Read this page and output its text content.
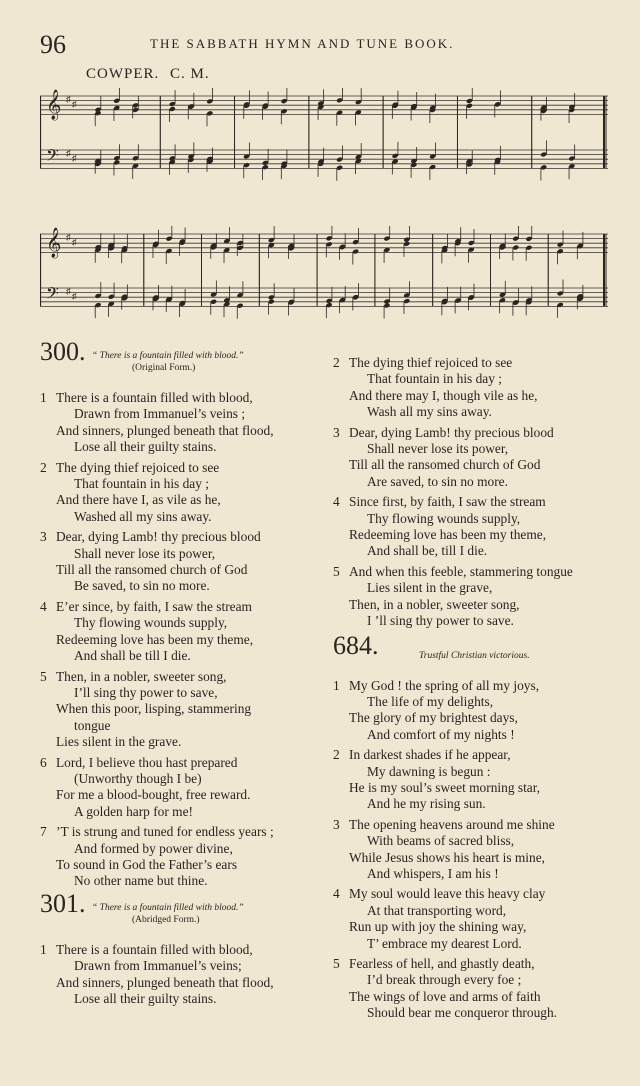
96	THE SABBATH HYMN AND TUNE BOOK.
COWPER. C. M.
𝄞 ♯ ♯
𝄢 ♯ ♯
𝄞 ♯ ♯
𝄢 ♯ ♯
300. “ There is a fountain filled with blood.”
(Original Form.)
1 There is a fountain filled with blood,
Drawn from Immanuel’s veins ;
And sinners, plunged beneath that flood,
Lose all their guilty stains.
2 The dying thief rejoiced to see
That fountain in his day ;
And there have I, as vile as he,
Washed all my sins away.
3 Dear, dying Lamb! thy precious blood
Shall never lose its power,
Till all the ransomed church of God
Be saved, to sin no more.
4 E’er since, by faith, I saw the stream
Thy flowing wounds supply,
Redeeming love has been my theme,
And shall be till I die.
5 Then, in a nobler, sweeter song,
I’ll sing thy power to save,
When this poor, lisping, stammering
tongue
Lies silent in the grave.
6 Lord, I believe thou hast prepared
(Unworthy though I be)
For me a blood-bought, free reward.
A golden harp for me!
7 ’T is strung and tuned for endless years ;
And formed by power divine,
To sound in God the Father’s ears
No other name but thine.
301. “ There is a fountain filled with blood.”
(Abridged Form.)
1 There is a fountain filled with blood,
Drawn from Immanuel’s veins;
And sinners, plunged beneath that flood,
Lose all their guilty stains.
2 The dying thief rejoiced to see
That fountain in his day ;
And there may I, though vile as he,
Wash all my sins away.
3 Dear, dying Lamb! thy precious blood
Shall never lose its power,
Till all the ransomed church of God
Are saved, to sin no more.
4 Since first, by faith, I saw the stream
Thy flowing wounds supply,
Redeeming love has been my theme,
And shall be, till I die.
5 And when this feeble, stammering tongue
Lies silent in the grave,
Then, in a nobler, sweeter song,
I ’ll sing thy power to save.
684.	Trustful Christian victorious.
1 My God ! the spring of all my joys,
The life of my delights,
The glory of my brightest days,
And comfort of my nights !
2 In darkest shades if he appear,
My dawning is begun :
He is my soul’s sweet morning star,
And he my rising sun.
3 The opening heavens around me shine
With beams of sacred bliss,
While Jesus shows his heart is mine,
And whispers, I am his !
4 My soul would leave this heavy clay
At that transporting word,
Run up with joy the shining way,
T’ embrace my dearest Lord.
5 Fearless of hell, and ghastly death,
I’d break through every foe ;
The wings of love and arms of faith
Should bear me conqueror through.
